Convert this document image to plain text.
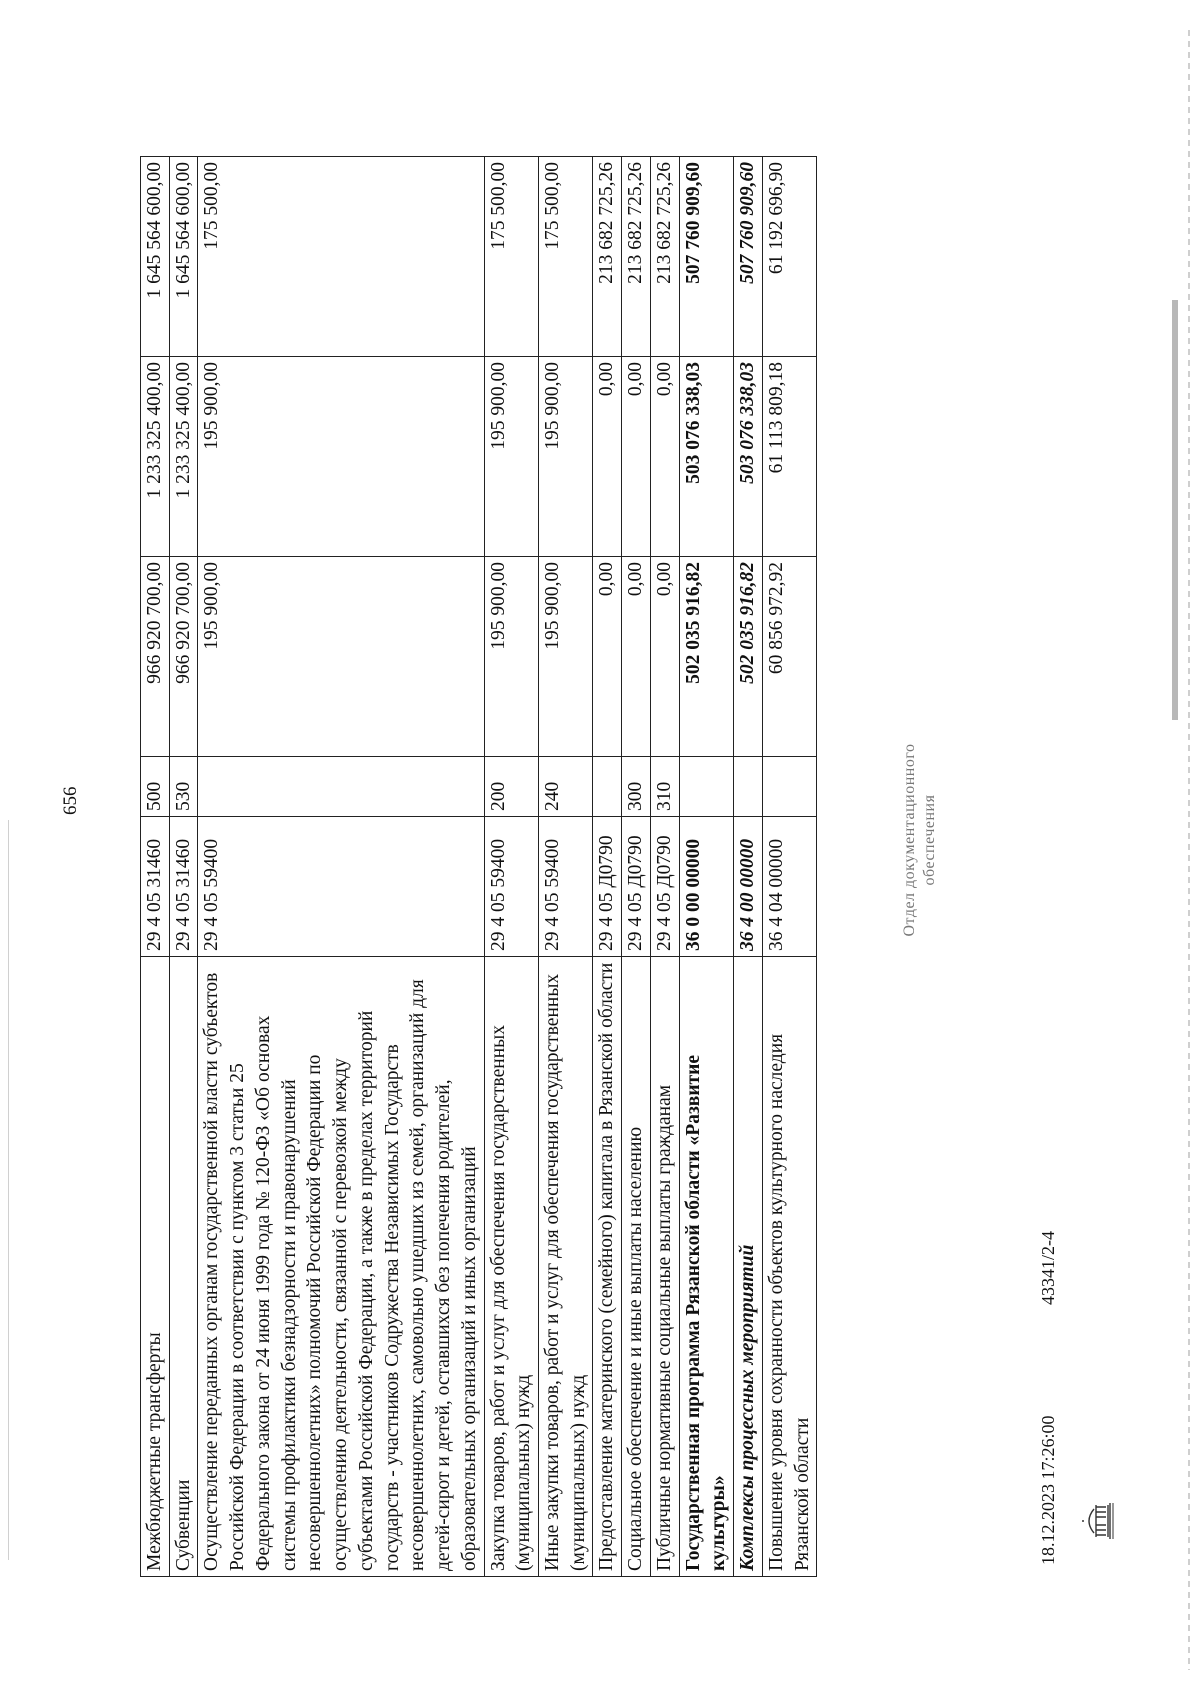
656
Межбюджетные трансферты	29 4 05 31460	500	966 920 700,00	1 233 325 400,00	1 645 564 600,00
Субвенции	29 4 05 31460	530	966 920 700,00	1 233 325 400,00	1 645 564 600,00
Осуществление переданных органам государственной власти субъектов Российской Федерации в соответствии с пунктом 3 статьи 25 Федерального закона от 24 июня 1999 года № 120-ФЗ «Об основах системы профилактики безнадзорности и правонарушений несовершеннолетних» полномочий Российской Федерации по осуществлению деятельности, связанной с перевозкой между субъектами Российской Федерации, а также в пределах территорий государств - участников Содружества Независимых Государств несовершеннолетних, самовольно ушедших из семей, организаций для детей-сирот и детей, оставшихся без попечения родителей, образовательных организаций и иных организаций	29 4 05 59400		195 900,00	195 900,00	175 500,00
Закупка товаров, работ и услуг для обеспечения государственных (муниципальных) нужд	29 4 05 59400	200	195 900,00	195 900,00	175 500,00
Иные закупки товаров, работ и услуг для обеспечения государственных (муниципальных) нужд	29 4 05 59400	240	195 900,00	195 900,00	175 500,00
Предоставление материнского (семейного) капитала в Рязанской области	29 4 05 Д0790		0,00	0,00	213 682 725,26
Социальное обеспечение и иные выплаты населению	29 4 05 Д0790	300	0,00	0,00	213 682 725,26
Публичные нормативные социальные выплаты гражданам	29 4 05 Д0790	310	0,00	0,00	213 682 725,26
Государственная программа Рязанской области «Развитие культуры»	36 0 00 00000		502 035 916,82	503 076 338,03	507 760 909,60
Комплексы процессных мероприятий	36 4 00 00000		502 035 916,82	503 076 338,03	507 760 909,60
Повышение уровня сохранности объектов культурного наследия Рязанской области	36 4 04 00000		60 856 972,92	61 113 809,18	61 192 696,90
18.12.2023 17:26:00
43341/2-4
Отдел документационного обеспечения
